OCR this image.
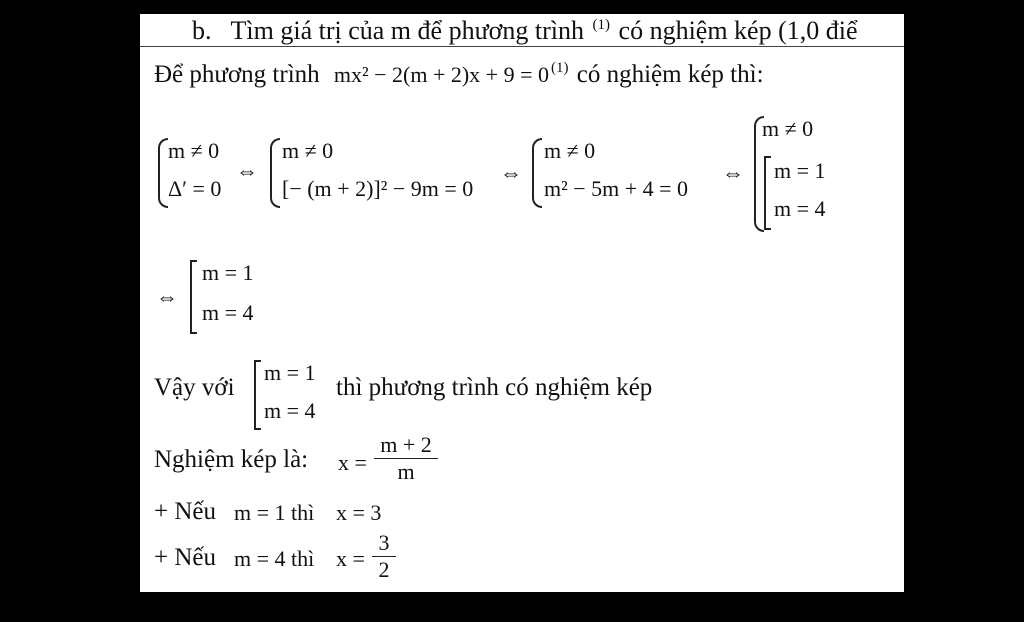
b. Tìm giá trị của m để phương trình $^{(1)}$ có nghiệm kép (1,0 điể
Để phương trình mx² − 2(m + 2)x + 9 = 0 $^{(1)}$ có nghiệm kép thì:
m ≠ 0
Δ′ = 0
⇔
m ≠ 0
[− (m + 2)]² − 9m = 0
⇔
m ≠ 0
m² − 5m + 4 = 0
⇔
m ≠ 0
m = 1
m = 4
⇔
m = 1
m = 4
Vậy với
m = 1
m = 4
thì phương trình có nghiệm kép
Nghiệm kép là: $x = \frac{m + 2}{m}$
+ Nếu m = 1 thì x = 3
+ Nếu m = 4 thì $x = \frac{3}{2}$
